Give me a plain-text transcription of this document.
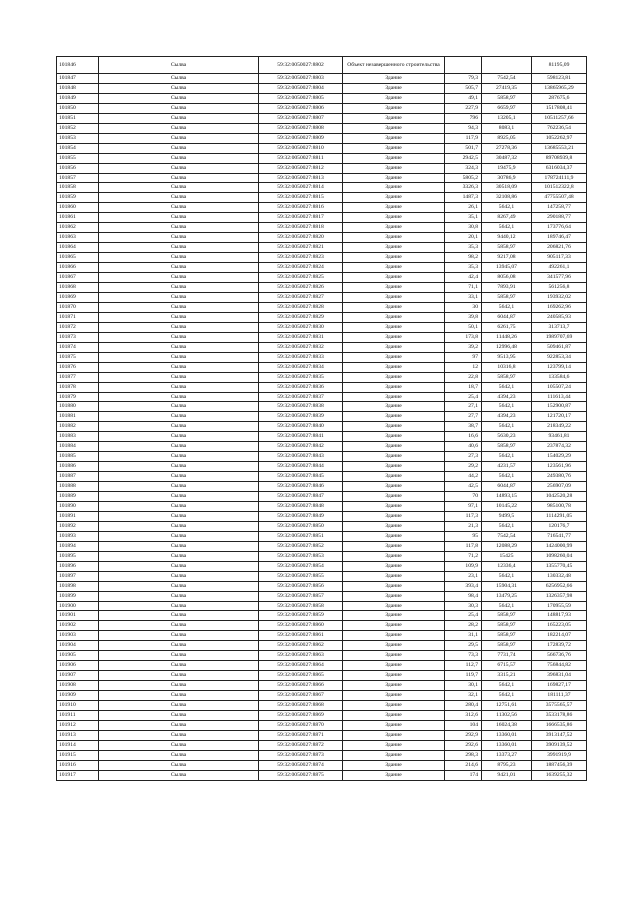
101846	Сылва	59:32:0050027:8802	Объект незавершенного строительства			81195,09
101847	Сылва	59:32:0050027:8803	Здание	79,3	7542,54	598123,81
101848	Сылва	59:32:0050027:8804	Здание	505,7	27419,35	13865965,29
101849	Сылва	59:32:0050027:8805	Здание	49,1	5858,97	287675,6
101850	Сылва	59:32:0050027:8806	Здание	227,9	6659,97	1517808,41
101851	Сылва	59:32:0050027:8807	Здание	796	13205,1	10511257,66
101852	Сылва	59:32:0050027:8808	Здание	94,3	8083,1	762236,54
101853	Сылва	59:32:0050027:8809	Здание	117,9	8925,05	1052262,97
101854	Сылва	59:32:0050027:8810	Здание	501,7	27278,36	13685553,21
101855	Сылва	59:32:0050027:8811	Здание	2942,5	30487,32	89708939,8
101856	Сылва	59:32:0050027:8812	Здание	324,3	19475,9	6316034,37
101857	Сылва	59:32:0050027:8813	Здание	5805,2	30786,9	178724111,9
101858	Сылва	59:32:0050027:8814	Здание	3326,3	30518,09	101512322,8
101859	Сылва	59:32:0050027:8815	Здание	1487,3	32108,86	47755507,48
101860	Сылва	59:32:0050027:8816	Здание	26,1	5642,1	147258,77
101861	Сылва	59:32:0050027:8817	Здание	35,1	8267,49	290188,77
101862	Сылва	59:32:0050027:8818	Здание	30,8	5642,1	173776,64
101863	Сылва	59:32:0050027:8820	Здание	20,1	9440,12	189746,47
101864	Сылва	59:32:0050027:8821	Здание	35,3	5858,97	206821,76
101865	Сылва	59:32:0050027:8823	Здание	98,2	9217,08	905117,33
101866	Сылва	59:32:0050027:8824	Здание	35,3	13945,07	492261,1
101867	Сылва	59:32:0050027:8825	Здание	42,4	8056,08	341577,96
101868	Сылва	59:32:0050027:8826	Здание	71,1	7893,91	561256,8
101869	Сылва	59:32:0050027:8827	Здание	33,1	5858,97	193932,02
101870	Сылва	59:32:0050027:8828	Здание	30	5642,1	169262,96
101871	Сылва	59:32:0050027:8829	Здание	39,8	6044,87	240585,93
101872	Сылва	59:32:0050027:8830	Здание	50,1	6261,75	313713,7
101873	Сылва	59:32:0050027:8831	Здание	173,8	11448,26	1989707,69
101874	Сылва	59:32:0050027:8832	Здание	39,2	12996,48	509461,87
101875	Сылва	59:32:0050027:8833	Здание	97	9513,95	922853,34
101876	Сылва	59:32:0050027:8834	Здание	12	10316,8	123799,14
101877	Сылва	59:32:0050027:8835	Здание	22,8	5858,97	133584,6
101878	Сылва	59:32:0050027:8836	Здание	18,7	5642,1	105507,24
101879	Сылва	59:32:0050027:8837	Здание	25,4	4394,23	111613,44
101880	Сылва	59:32:0050027:8838	Здание	27,1	5642,1	152900,87
101881	Сылва	59:32:0050027:8839	Здание	27,7	4394,23	121720,17
101882	Сылва	59:32:0050027:8840	Здание	38,7	5642,1	218349,22
101883	Сылва	59:32:0050027:8841	Здание	16,6	5630,23	93461,81
101884	Сылва	59:32:0050027:8842	Здание	40,6	5858,97	237874,32
101885	Сылва	59:32:0050027:8843	Здание	27,3	5642,1	154029,29
101886	Сылва	59:32:0050027:8844	Здание	29,2	4231,57	123561,96
101887	Сылва	59:32:0050027:8845	Здание	44,2	5642,1	249380,76
101888	Сылва	59:32:0050027:8846	Здание	42,5	6044,87	256907,09
101889	Сылва	59:32:0050027:8847	Здание	70	14893,15	1042520,28
101890	Сылва	59:32:0050027:8848	Здание	97,1	10145,22	985100,78
101891	Сылва	59:32:0050027:8849	Здание	117,3	9499,5	1114291,05
101892	Сылва	59:32:0050027:8850	Здание	21,3	5642,1	120176,7
101893	Сылва	59:32:0050027:8851	Здание	95	7542,54	716541,77
101894	Сылва	59:32:0050027:8852	Здание	117,8	12088,29	1424000,99
101895	Сылва	59:32:0050027:8853	Здание	71,2	15425	1098260,04
101896	Сылва	59:32:0050027:8854	Здание	109,9	12336,4	1355770,45
101897	Сылва	59:32:0050027:8855	Здание	23,1	5642,1	130332,48
101898	Сылва	59:32:0050027:8856	Здание	393,4	15904,31	6256952,66
101899	Сылва	59:32:0050027:8857	Здание	98,4	13479,25	1326357,98
101900	Сылва	59:32:0050027:8858	Здание	30,3	5642,1	170955,59
101901	Сылва	59:32:0050027:8859	Здание	25,4	5858,97	148817,93
101902	Сылва	59:32:0050027:8860	Здание	28,2	5858,97	165223,05
101903	Сылва	59:32:0050027:8861	Здание	31,1	5858,97	182214,07
101904	Сылва	59:32:0050027:8862	Здание	29,5	5858,97	172839,72
101905	Сылва	59:32:0050027:8863	Здание	73,3	7731,74	566736,76
101906	Сылва	59:32:0050027:8864	Здание	112,7	6715,57	756844,82
101907	Сылва	59:32:0050027:8865	Здание	119,7	3315,21	396831,04
101908	Сылва	59:32:0050027:8866	Здание	30,1	5642,1	169827,17
101909	Сылва	59:32:0050027:8867	Здание	32,1	5642,1	181111,37
101910	Сылва	59:32:0050027:8868	Здание	280,4	12751,61	3575565,57
101911	Сылва	59:32:0050027:8869	Здание	312,6	11302,56	3533178,86
101912	Сылва	59:32:0050027:8870	Здание	104	16024,38	1666535,86
101913	Сылва	59:32:0050027:8871	Здание	292,9	13360,01	3913147,52
101914	Сылва	59:32:0050027:8872	Здание	292,6	13360,01	3909139,52
101915	Сылва	59:32:0050027:8873	Здание	298,3	13373,27	3991919,9
101916	Сылва	59:32:0050027:8874	Здание	214,6	8795,23	1887456,39
101917	Сылва	59:32:0050027:8875	Здание	174	9421,01	1639255,32
